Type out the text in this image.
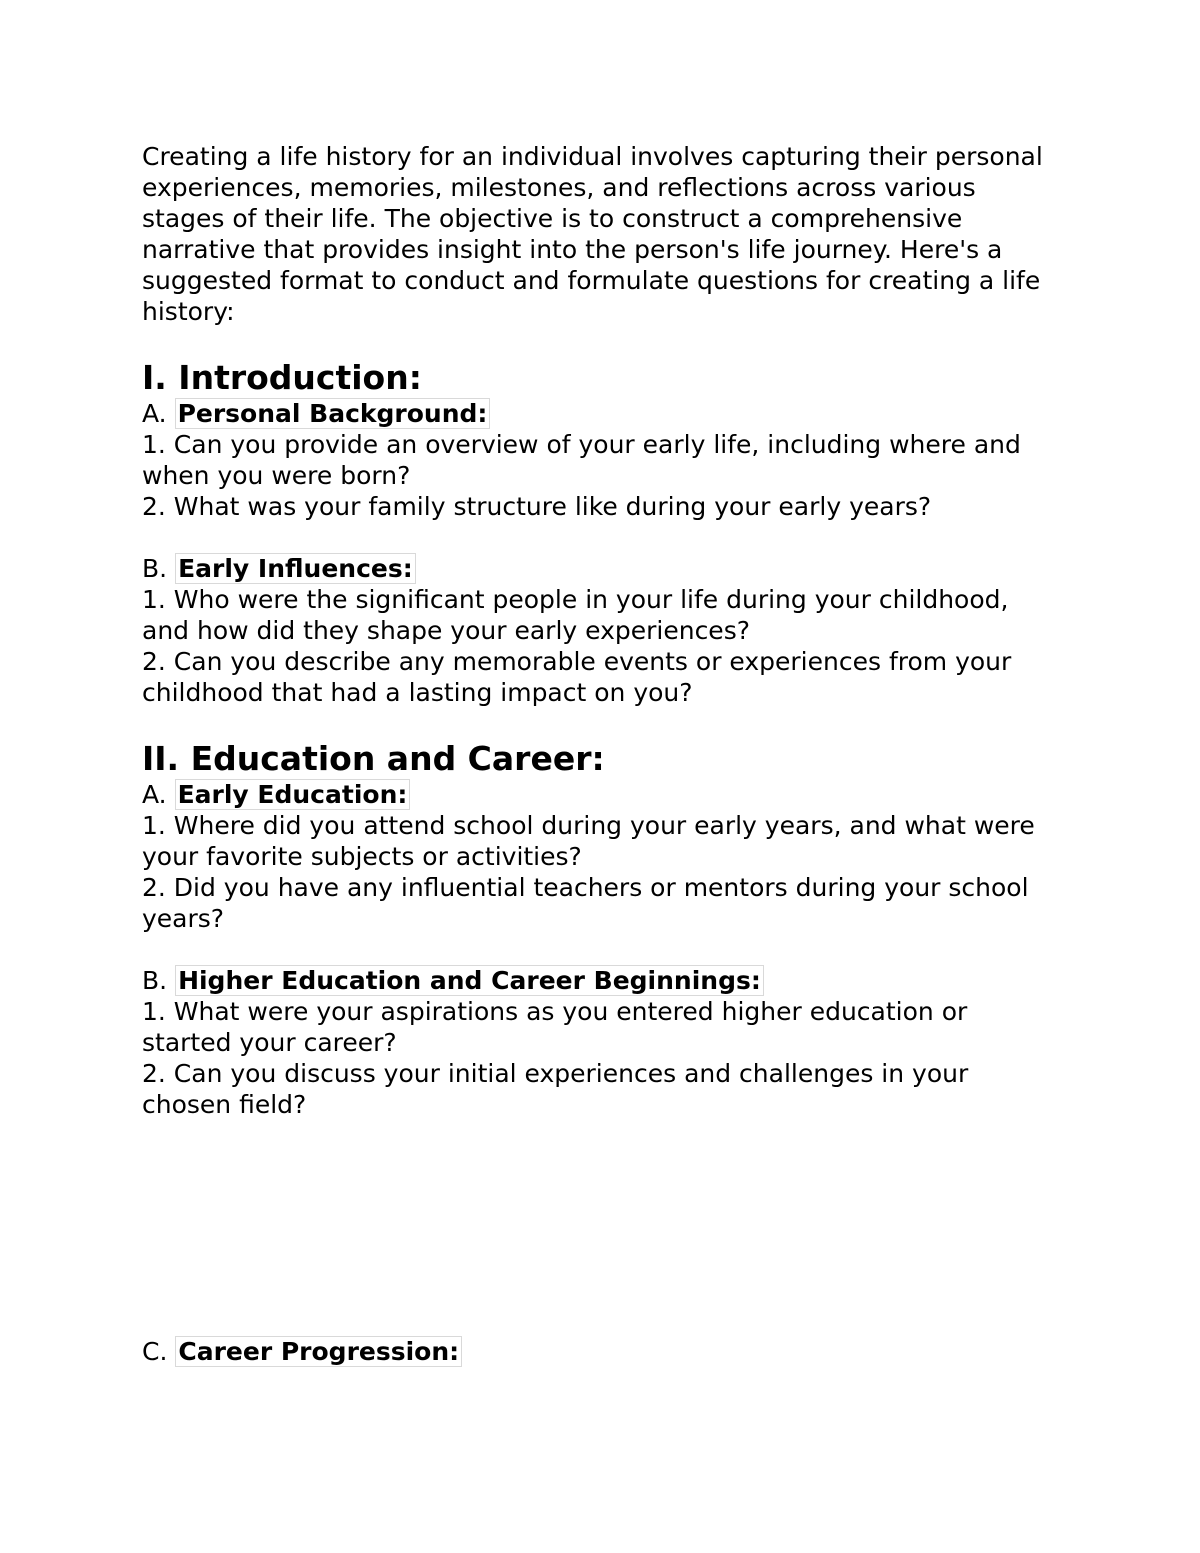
Creating a life history for an individual involves capturing their personal experiences, memories, milestones, and reflections across various stages of their life. The objective is to construct a comprehensive narrative that provides insight into the person's life journey. Here's a suggested format to conduct and formulate questions for creating a life history:

I. Introduction:
A. Personal Background:

1. Can you provide an overview of your early life, including where and when you were born?

2. What was your family structure like during your early years?

B. Early Influences:

1. Who were the significant people in your life during your childhood, and how did they shape your early experiences?

2. Can you describe any memorable events or experiences from your childhood that had a lasting impact on you?

II. Education and Career:
A. Early Education:

1. Where did you attend school during your early years, and what were your favorite subjects or activities?

2. Did you have any influential teachers or mentors during your school years?

B. Higher Education and Career Beginnings:

1. What were your aspirations as you entered higher education or started your career?

2. Can you discuss your initial experiences and challenges in your chosen field?

C. Career Progression:
